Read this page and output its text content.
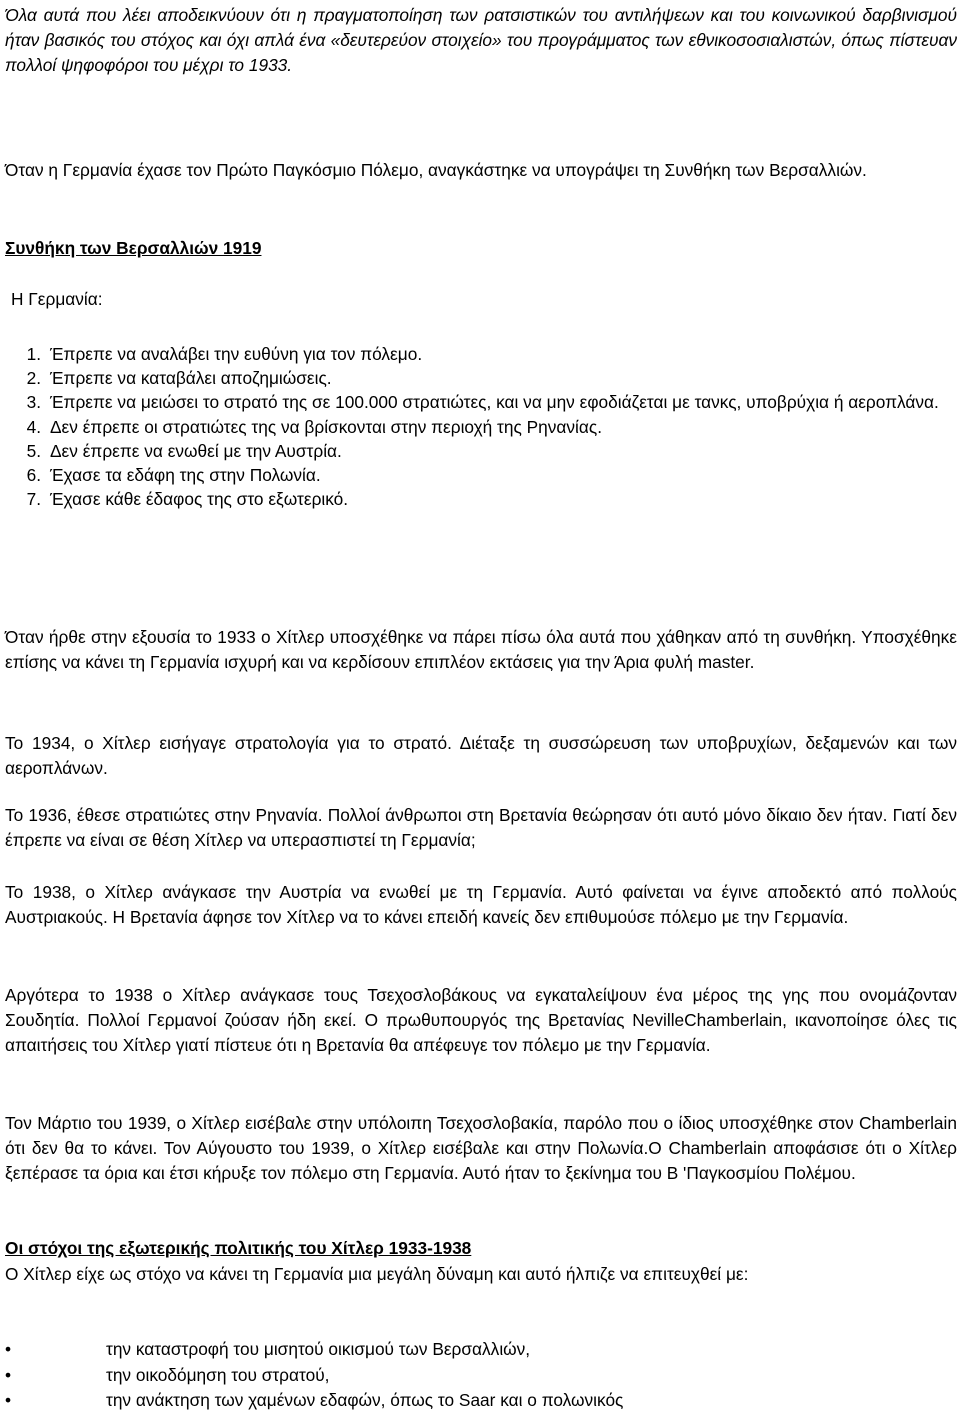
Όλα αυτά που λέει αποδεικνύουν ότι η πραγματοποίηση των ρατσιστικών του αντιλήψεων και του κοινωνικού δαρβινισμού ήταν βασικός του στόχος και όχι απλά ένα «δευτερεύον στοιχείο» του προγράμματος των εθνικοσοσιαλιστών, όπως πίστευαν πολλοί ψηφοφόροι του μέχρι το 1933.

Όταν η Γερμανία έχασε τον Πρώτο Παγκόσμιο Πόλεμο, αναγκάστηκε να υπογράψει τη Συνθήκη των Βερσαλλιών.

Συνθήκη των Βερσαλλιών 1919

Η Γερμανία:

1. Έπρεπε να αναλάβει την ευθύνη για τον πόλεμο.
2. Έπρεπε να καταβάλει αποζημιώσεις.
3. Έπρεπε να μειώσει το στρατό της σε 100.000 στρατιώτες, και να μην εφοδιάζεται με τανκς, υποβρύχια ή αεροπλάνα.
4. Δεν έπρεπε οι στρατιώτες της να βρίσκονται στην περιοχή της Ρηνανίας.
5. Δεν έπρεπε να ενωθεί με την Αυστρία.
6. Έχασε τα εδάφη της στην Πολωνία.
7. Έχασε κάθε έδαφος της στο εξωτερικό.

Όταν ήρθε στην εξουσία το 1933 ο Χίτλερ υποσχέθηκε να πάρει πίσω όλα αυτά που χάθηκαν από τη συνθήκη. Υποσχέθηκε επίσης να κάνει τη Γερμανία ισχυρή και να κερδίσουν επιπλέον εκτάσεις για την Άρια φυλή master.

Το 1934, ο Χίτλερ εισήγαγε στρατολογία για το στρατό. Διέταξε τη συσσώρευση των υποβρυχίων, δεξαμενών και των αεροπλάνων.

Το 1936, έθεσε στρατιώτες στην Ρηνανία. Πολλοί άνθρωποι στη Βρετανία θεώρησαν ότι αυτό μόνο δίκαιο δεν ήταν. Γιατί δεν έπρεπε να είναι σε θέση Χίτλερ να υπερασπιστεί τη Γερμανία;

Το 1938, ο Χίτλερ ανάγκασε την Αυστρία να ενωθεί με τη Γερμανία. Αυτό φαίνεται να έγινε αποδεκτό από πολλούς Αυστριακούς. Η Βρετανία άφησε τον Χίτλερ να το κάνει επειδή κανείς δεν επιθυμούσε πόλεμο με την Γερμανία.

Αργότερα το 1938 ο Χίτλερ ανάγκασε τους Τσεχοσλοβάκους να εγκαταλείψουν ένα μέρος της γης που ονομάζονταν Σουδητία. Πολλοί Γερμανοί ζούσαν ήδη εκεί. Ο πρωθυπουργός της Βρετανίας NevilleChamberlain, ικανοποίησε όλες τις απαιτήσεις του Χίτλερ γιατί πίστευε ότι η Βρετανία θα απέφευγε τον πόλεμο με την Γερμανία.

Τον Μάρτιο του 1939, ο Χίτλερ εισέβαλε στην υπόλοιπη Τσεχοσλοβακία, παρόλο που ο ίδιος υποσχέθηκε στον Chamberlain ότι δεν θα το κάνει. Τον Αύγουστο του 1939, ο Χίτλερ εισέβαλε και στην Πολωνία.Ο Chamberlain αποφάσισε ότι ο Χίτλερ ξεπέρασε τα όρια και έτσι κήρυξε τον πόλεμο στη Γερμανία. Αυτό ήταν το ξεκίνημα του Β 'Παγκοσμίου Πολέμου.

Οι στόχοι της εξωτερικής πολιτικής του Χίτλερ 1933-1938

Ο Χίτλερ είχε ως στόχο να κάνει τη Γερμανία μια μεγάλη δύναμη και αυτό ήλπιζε να επιτευχθεί με:

•	την καταστροφή του μισητού οικισμού των Βερσαλλιών,
•	την οικοδόμηση του στρατού,
•	την ανάκτηση των χαμένων εδαφών, όπως το Saar και ο πολωνικός
